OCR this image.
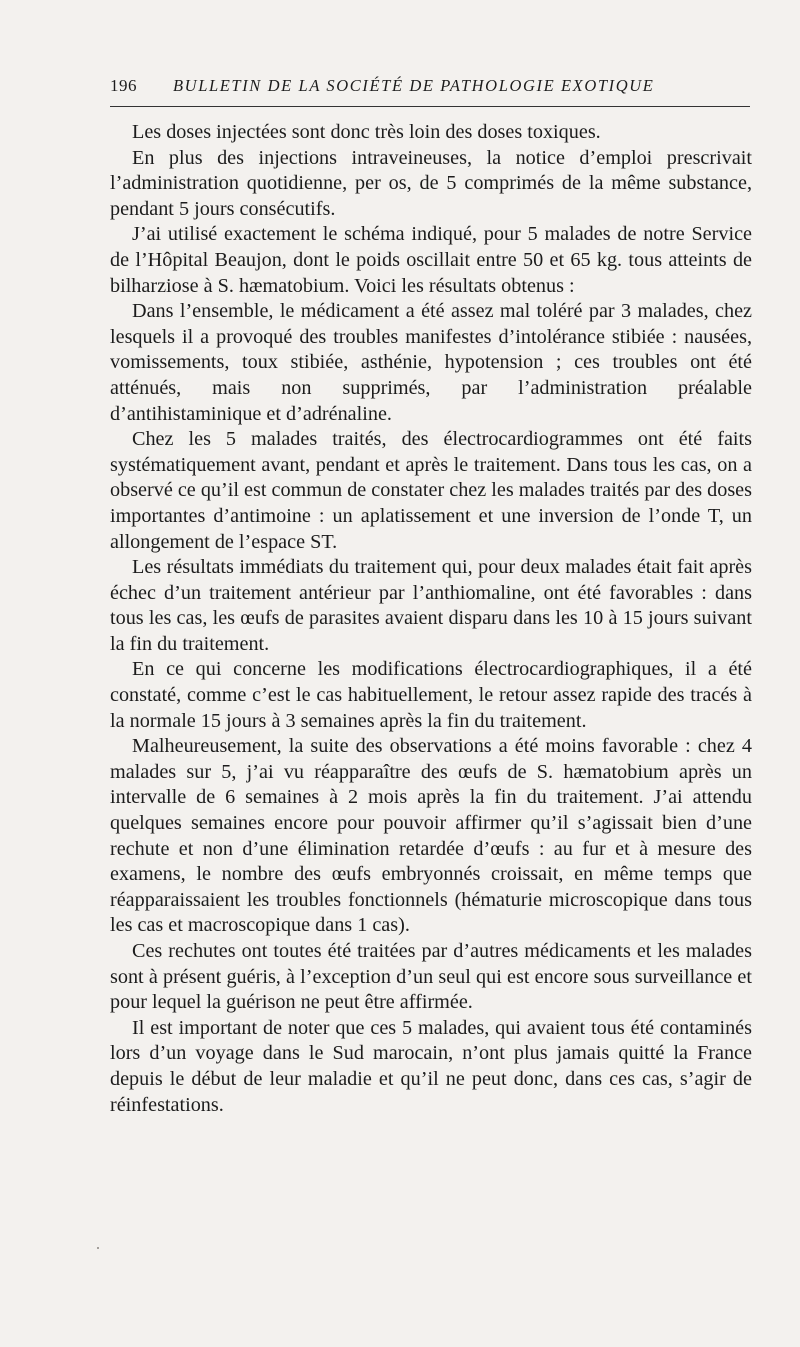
196 BULLETIN DE LA SOCIÉTÉ DE PATHOLOGIE EXOTIQUE

Les doses injectées sont donc très loin des doses toxiques.

En plus des injections intraveineuses, la notice d’emploi prescrivait l’administration quotidienne, per os, de 5 comprimés de la même substance, pendant 5 jours consécutifs.

J’ai utilisé exactement le schéma indiqué, pour 5 malades de notre Service de l’Hôpital Beaujon, dont le poids oscillait entre 50 et 65 kg. tous atteints de bilharziose à S. hæmatobium. Voici les résultats obtenus :

Dans l’ensemble, le médicament a été assez mal toléré par 3 malades, chez lesquels il a provoqué des troubles manifestes d’intolérance stibiée : nausées, vomissements, toux stibiée, asthénie, hypotension ; ces troubles ont été atténués, mais non supprimés, par l’administration préalable d’antihistaminique et d’adrénaline.

Chez les 5 malades traités, des électrocardiogrammes ont été faits systématiquement avant, pendant et après le traitement. Dans tous les cas, on a observé ce qu’il est commun de constater chez les malades traités par des doses importantes d’antimoine : un aplatissement et une inversion de l’onde T, un allongement de l’espace ST.

Les résultats immédiats du traitement qui, pour deux malades était fait après échec d’un traitement antérieur par l’anthiomaline, ont été favorables : dans tous les cas, les œufs de parasites avaient disparu dans les 10 à 15 jours suivant la fin du traitement.

En ce qui concerne les modifications électrocardiographiques, il a été constaté, comme c’est le cas habituellement, le retour assez rapide des tracés à la normale 15 jours à 3 semaines après la fin du traitement.

Malheureusement, la suite des observations a été moins favorable : chez 4 malades sur 5, j’ai vu réapparaître des œufs de S. hæmatobium après un intervalle de 6 semaines à 2 mois après la fin du traitement. J’ai attendu quelques semaines encore pour pouvoir affirmer qu’il s’agissait bien d’une rechute et non d’une élimination retardée d’œufs : au fur et à mesure des examens, le nombre des œufs embryonnés croissait, en même temps que réapparaissaient les troubles fonctionnels (hématurie microscopique dans tous les cas et macroscopique dans 1 cas).

Ces rechutes ont toutes été traitées par d’autres médicaments et les malades sont à présent guéris, à l’exception d’un seul qui est encore sous surveillance et pour lequel la guérison ne peut être affirmée.

Il est important de noter que ces 5 malades, qui avaient tous été contaminés lors d’un voyage dans le Sud marocain, n’ont plus jamais quitté la France depuis le début de leur maladie et qu’il ne peut donc, dans ces cas, s’agir de réinfestations.
